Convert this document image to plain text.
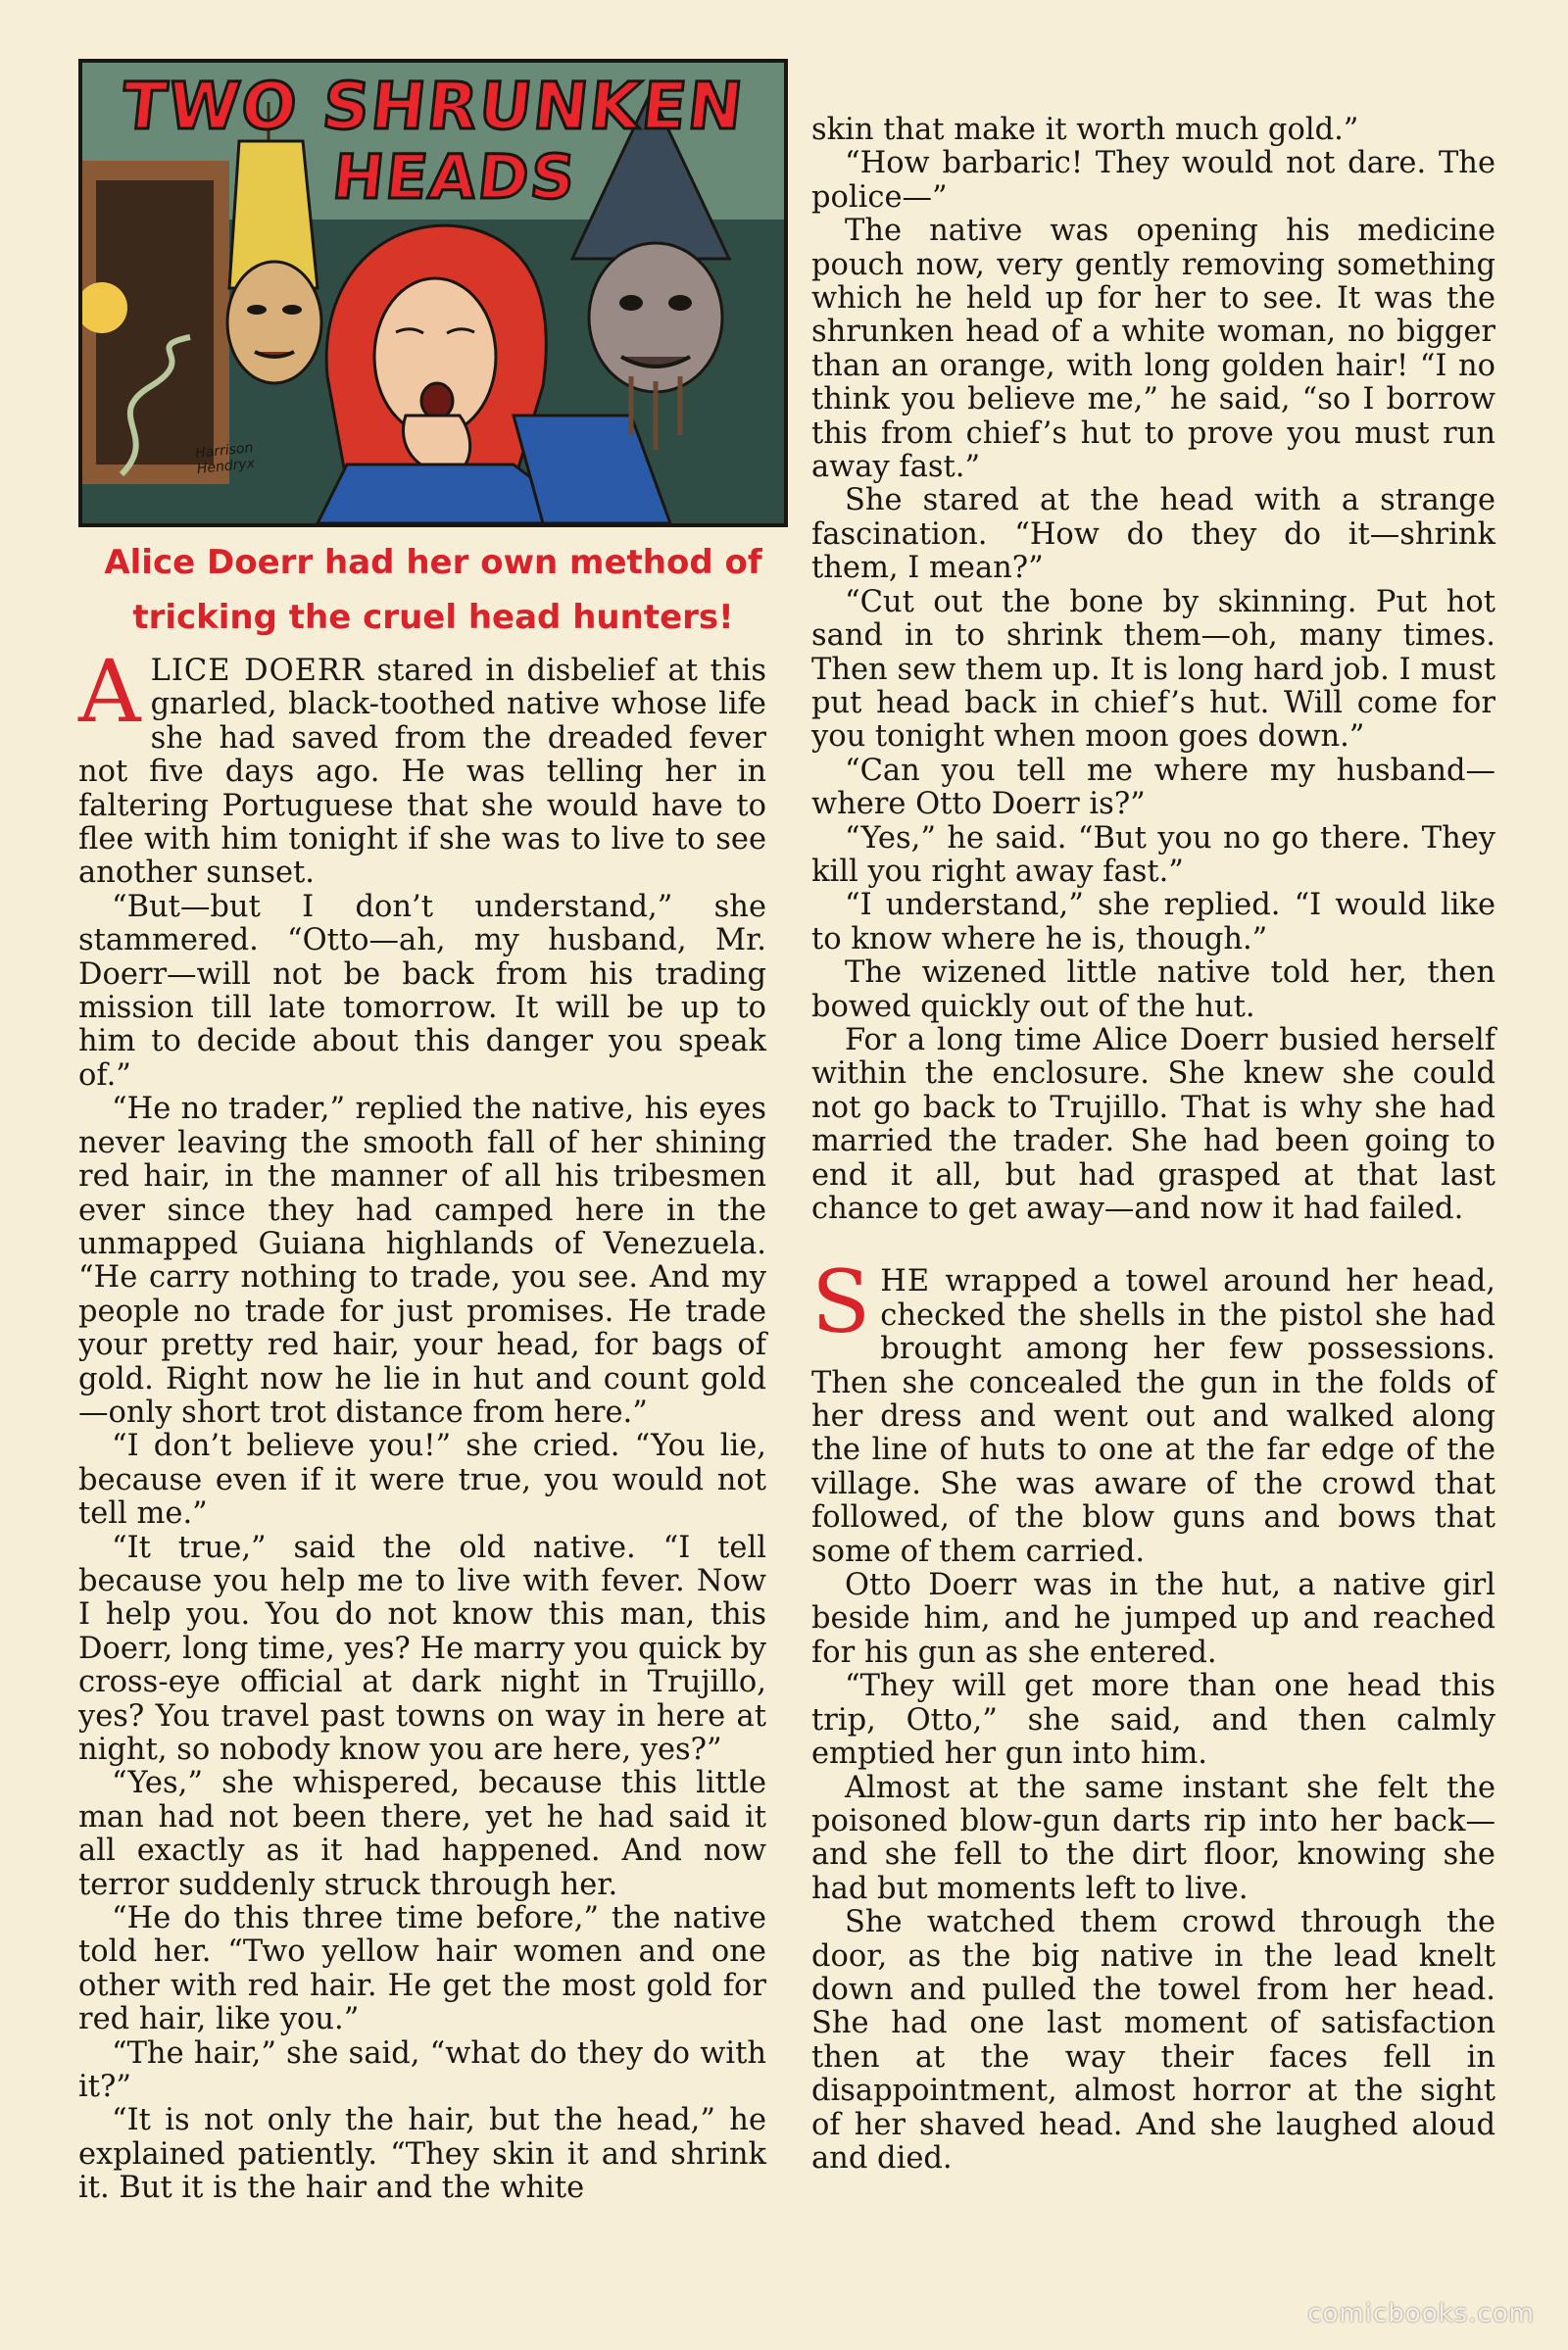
TWO SHRUNKEN
HEADS
Harrison
Hendryx
Alice Doerr had her own method of
tricking the cruel head hunters!

ALICE DOERR stared in disbelief at this gnarled, black-toothed native whose life she had saved from the dreaded fever not five days ago. He was telling her in faltering Portuguese that she would have to flee with him tonight if she was to live to see another sunset.

“But—but I don’t understand,” she stammered. “Otto—ah, my husband, Mr. Doerr—will not be back from his trading mission till late tomorrow. It will be up to him to decide about this danger you speak of.”

“He no trader,” replied the native, his eyes never leaving the smooth fall of her shining red hair, in the manner of all his tribesmen ever since they had camped here in the unmapped Guiana highlands of Venezuela. “He carry nothing to trade, you see. And my people no trade for just promises. He trade your pretty red hair, your head, for bags of gold. Right now he lie in hut and count gold—only short trot distance from here.”

“I don’t believe you!” she cried. “You lie, because even if it were true, you would not tell me.”

“It true,” said the old native. “I tell because you help me to live with fever. Now I help you. You do not know this man, this Doerr, long time, yes? He marry you quick by cross-eye official at dark night in Trujillo, yes? You travel past towns on way in here at night, so nobody know you are here, yes?”

“Yes,” she whispered, because this little man had not been there, yet he had said it all exactly as it had happened. And now terror suddenly struck through her.

“He do this three time before,” the native told her. “Two yellow hair women and one other with red hair. He get the most gold for red hair, like you.”

“The hair,” she said, “what do they do with it?”

“It is not only the hair, but the head,” he explained patiently. “They skin it and shrink it. But it is the hair and the white

skin that make it worth much gold.”

“How barbaric! They would not dare. The police—”

The native was opening his medicine pouch now, very gently removing something which he held up for her to see. It was the shrunken head of a white woman, no bigger than an orange, with long golden hair! “I no think you believe me,” he said, “so I borrow this from chief’s hut to prove you must run away fast.”

She stared at the head with a strange fascination. “How do they do it—shrink them, I mean?”

“Cut out the bone by skinning. Put hot sand in to shrink them—oh, many times. Then sew them up. It is long hard job. I must put head back in chief’s hut. Will come for you tonight when moon goes down.”

“Can you tell me where my husband—where Otto Doerr is?”

“Yes,” he said. “But you no go there. They kill you right away fast.”

“I understand,” she replied. “I would like to know where he is, though.”

The wizened little native told her, then bowed quickly out of the hut.

For a long time Alice Doerr busied herself within the enclosure. She knew she could not go back to Trujillo. That is why she had married the trader. She had been going to end it all, but had grasped at that last chance to get away—and now it had failed.

SHE wrapped a towel around her head, checked the shells in the pistol she had brought among her few possessions. Then she concealed the gun in the folds of her dress and went out and walked along the line of huts to one at the far edge of the village. She was aware of the crowd that followed, of the blow guns and bows that some of them carried.

Otto Doerr was in the hut, a native girl beside him, and he jumped up and reached for his gun as she entered.

“They will get more than one head this trip, Otto,” she said, and then calmly emptied her gun into him.

Almost at the same instant she felt the poisoned blow-gun darts rip into her back—and she fell to the dirt floor, knowing she had but moments left to live.

She watched them crowd through the door, as the big native in the lead knelt down and pulled the towel from her head. She had one last moment of satisfaction then at the way their faces fell in disappointment, almost horror at the sight of her shaved head. And she laughed aloud and died.

comicbooks.com
